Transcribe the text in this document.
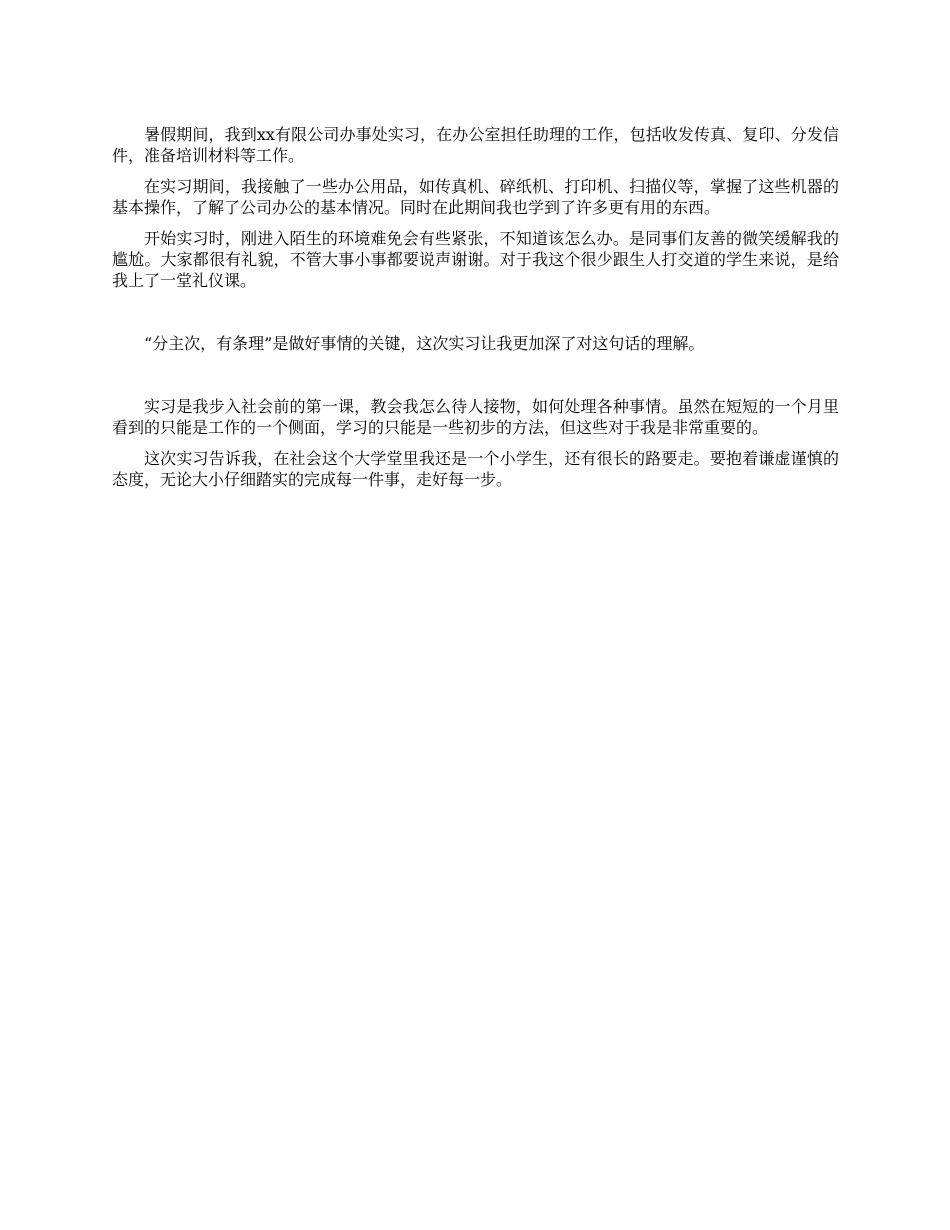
暑假期间，我到xx有限公司办事处实习，在办公室担任助理的工作，包括收发传真、复印、分发信件，准备培训材料等工作。

在实习期间，我接触了一些办公用品，如传真机、碎纸机、打印机、扫描仪等，掌握了这些机器的基本操作，了解了公司办公的基本情况。同时在此期间我也学到了许多更有用的东西。

开始实习时，刚进入陌生的环境难免会有些紧张，不知道该怎么办。是同事们友善的微笑缓解我的尴尬。大家都很有礼貌，不管大事小事都要说声谢谢。对于我这个很少跟生人打交道的学生来说，是给我上了一堂礼仪课。

“分主次，有条理”是做好事情的关键，这次实习让我更加深了对这句话的理解。

实习是我步入社会前的第一课，教会我怎么待人接物，如何处理各种事情。虽然在短短的一个月里看到的只能是工作的一个侧面，学习的只能是一些初步的方法，但这些对于我是非常重要的。

这次实习告诉我，在社会这个大学堂里我还是一个小学生，还有很长的路要走。要抱着谦虚谨慎的态度，无论大小仔细踏实的完成每一件事，走好每一步。
